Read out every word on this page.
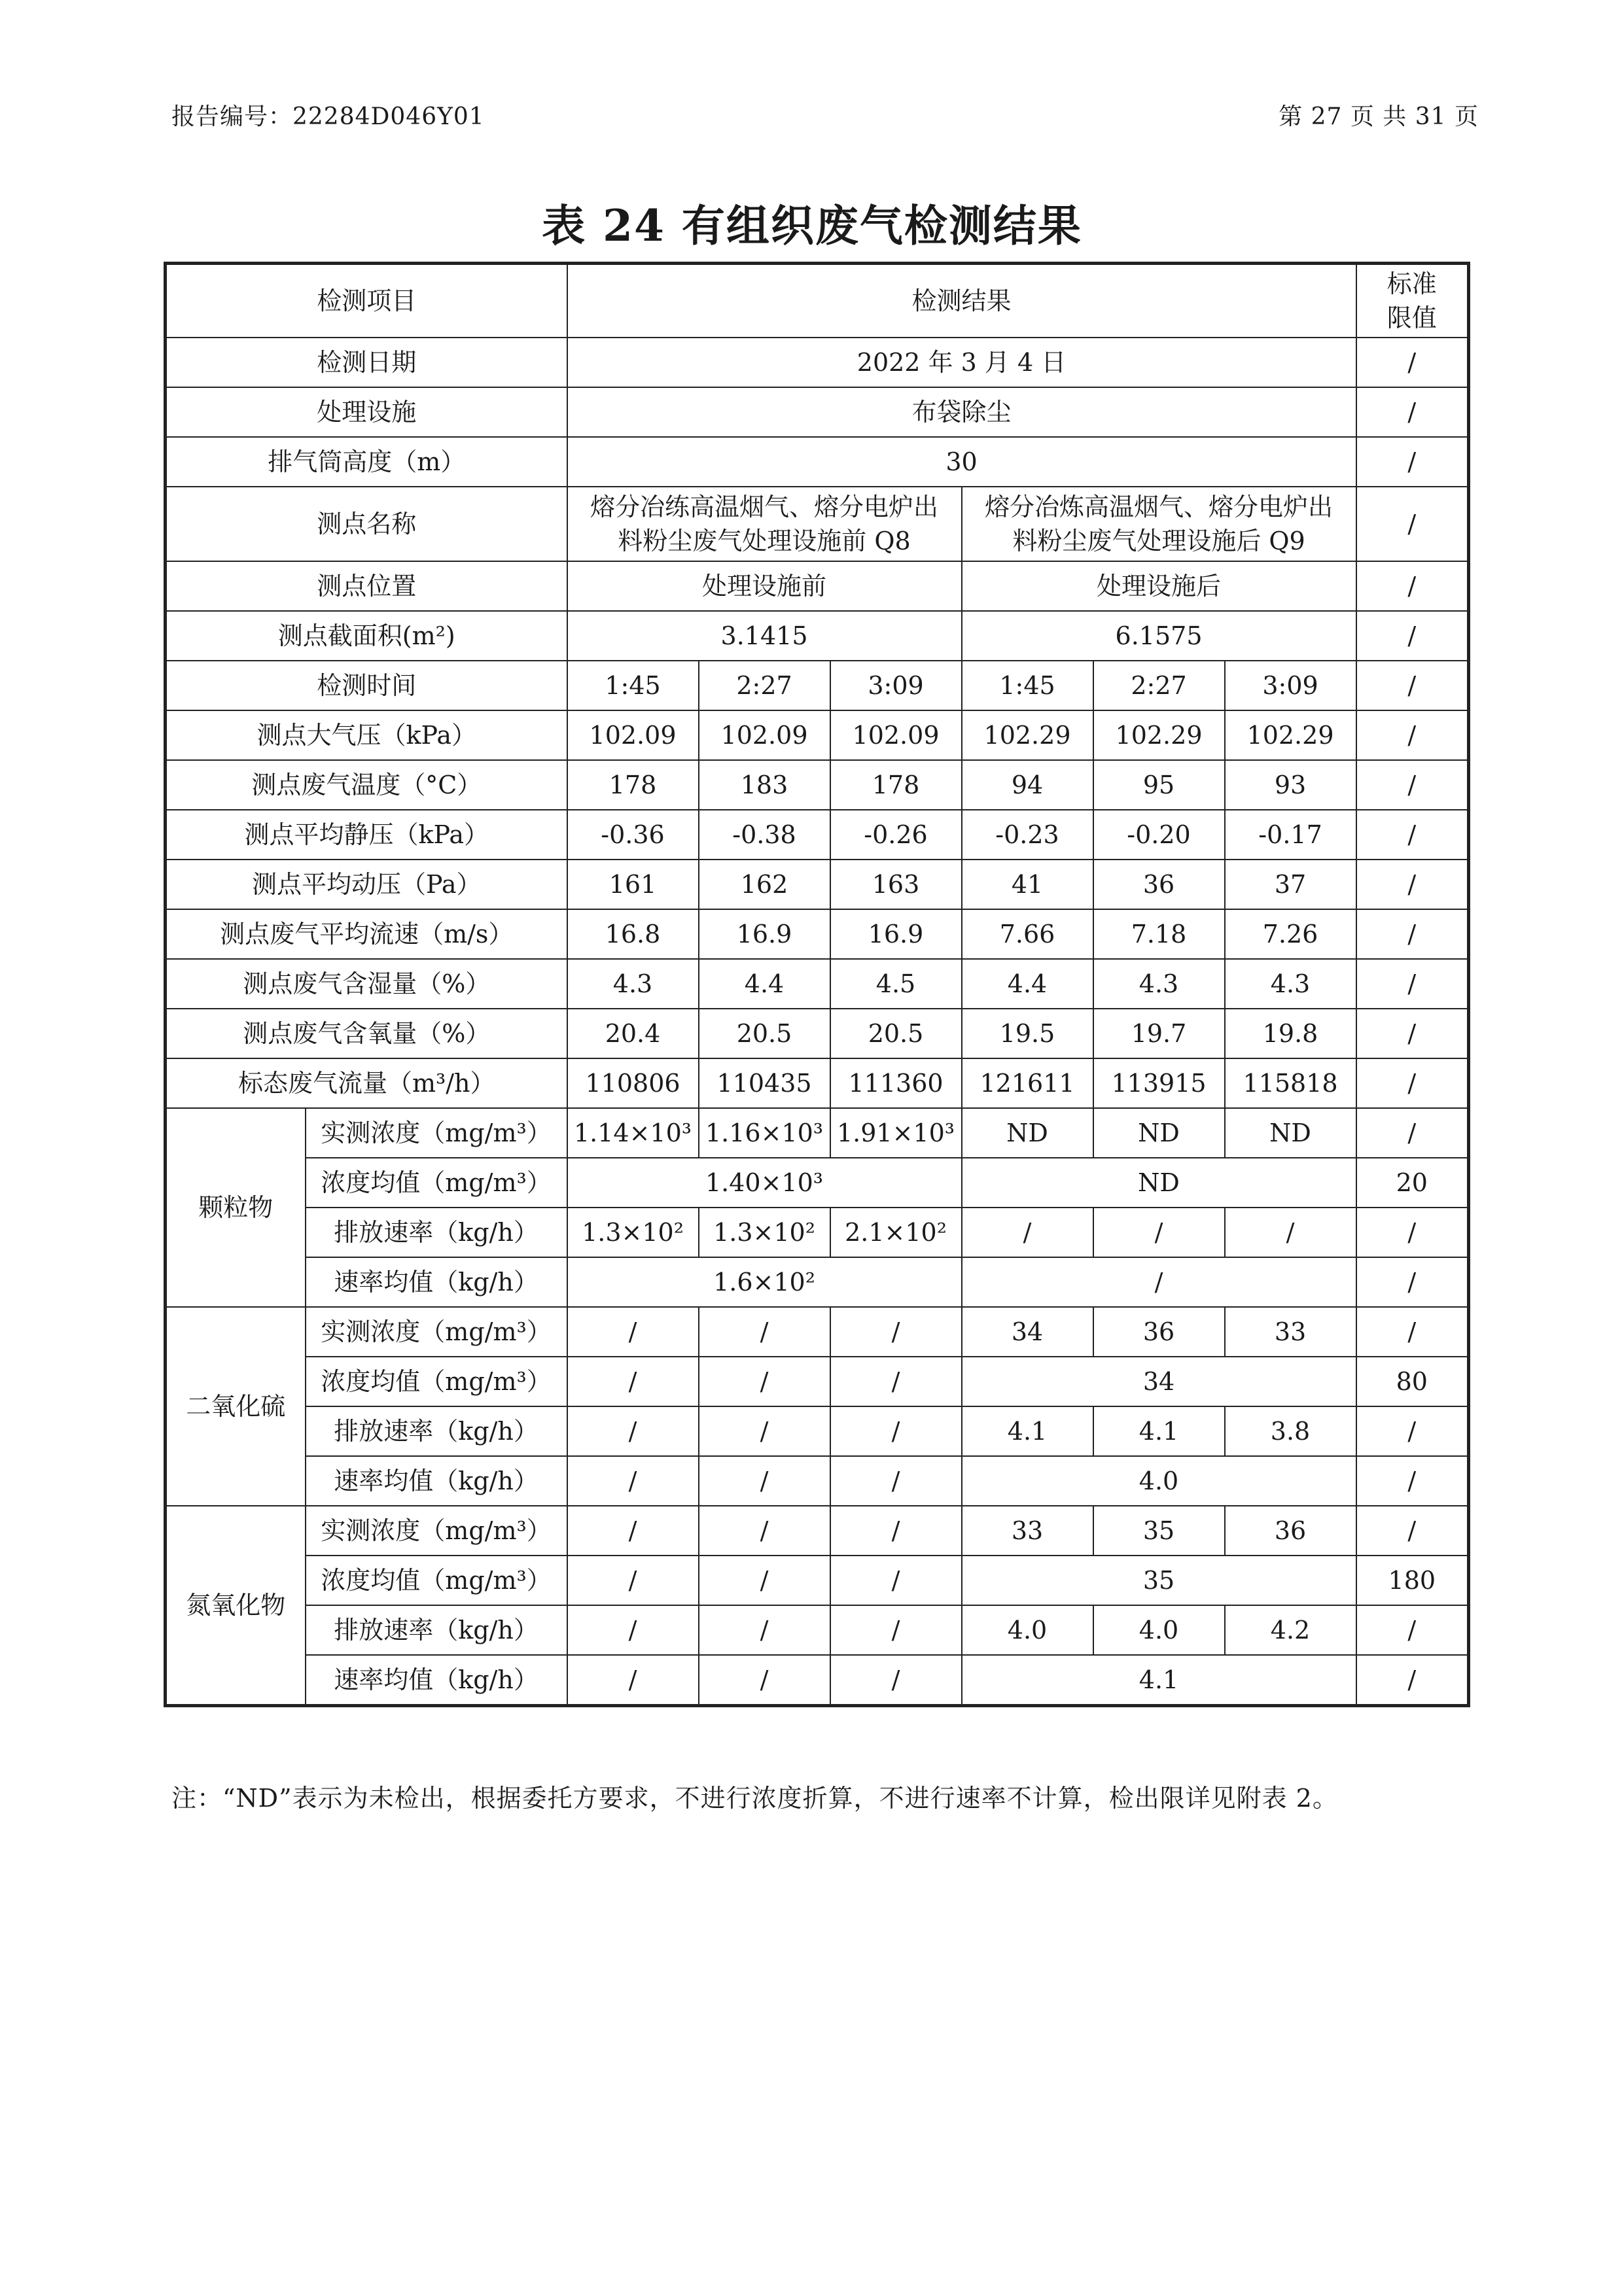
报告编号：22284D046Y01	第 27 页 共 31 页
表 24 有组织废气检测结果
检测项目		检测结果						标准限值
检测日期		2022 年 3 月 4 日						/
处理设施		布袋除尘						/
排气筒高度（m）		30						/
测点名称		熔分冶练高温烟气、熔分电炉出料粉尘废气处理设施前 Q8			熔分冶炼高温烟气、熔分电炉出料粉尘废气处理设施后 Q9			/
测点位置		处理设施前			处理设施后			/
测点截面积(m²)		3.1415			6.1575			/
检测时间		1:45	2:27	3:09	1:45	2:27	3:09	/
测点大气压（kPa）		102.09	102.09	102.09	102.29	102.29	102.29	/
测点废气温度（°C）		178	183	178	94	95	93	/
测点平均静压（kPa）		-0.36	-0.38	-0.26	-0.23	-0.20	-0.17	/
测点平均动压（Pa）		161	162	163	41	36	37	/
测点废气平均流速（m/s）		16.8	16.9	16.9	7.66	7.18	7.26	/
测点废气含湿量（%）		4.3	4.4	4.5	4.4	4.3	4.3	/
测点废气含氧量（%）		20.4	20.5	20.5	19.5	19.7	19.8	/
标态废气流量（m³/h）		110806	110435	111360	121611	113915	115818	/
颗粒物	实测浓度（mg/m³）	1.14×10³	1.16×10³	1.91×10³	ND	ND	ND	/
	浓度均值（mg/m³）	1.40×10³			ND			20
	排放速率（kg/h）	1.3×10²	1.3×10²	2.1×10²	/	/	/	/
	速率均值（kg/h）	1.6×10²			/			/
二氧化硫	实测浓度（mg/m³）	/	/	/	34	36	33	/
	浓度均值（mg/m³）	/	/	/	34			80
	排放速率（kg/h）	/	/	/	4.1	4.1	3.8	/
	速率均值（kg/h）	/	/	/	4.0			/
氮氧化物	实测浓度（mg/m³）	/	/	/	33	35	36	/
	浓度均值（mg/m³）	/	/	/	35			180
	排放速率（kg/h）	/	/	/	4.0	4.0	4.2	/
	速率均值（kg/h）	/	/	/	4.1			/
注：“ND”表示为未检出，根据委托方要求，不进行浓度折算，不进行速率不计算，检出限详见附表 2。
